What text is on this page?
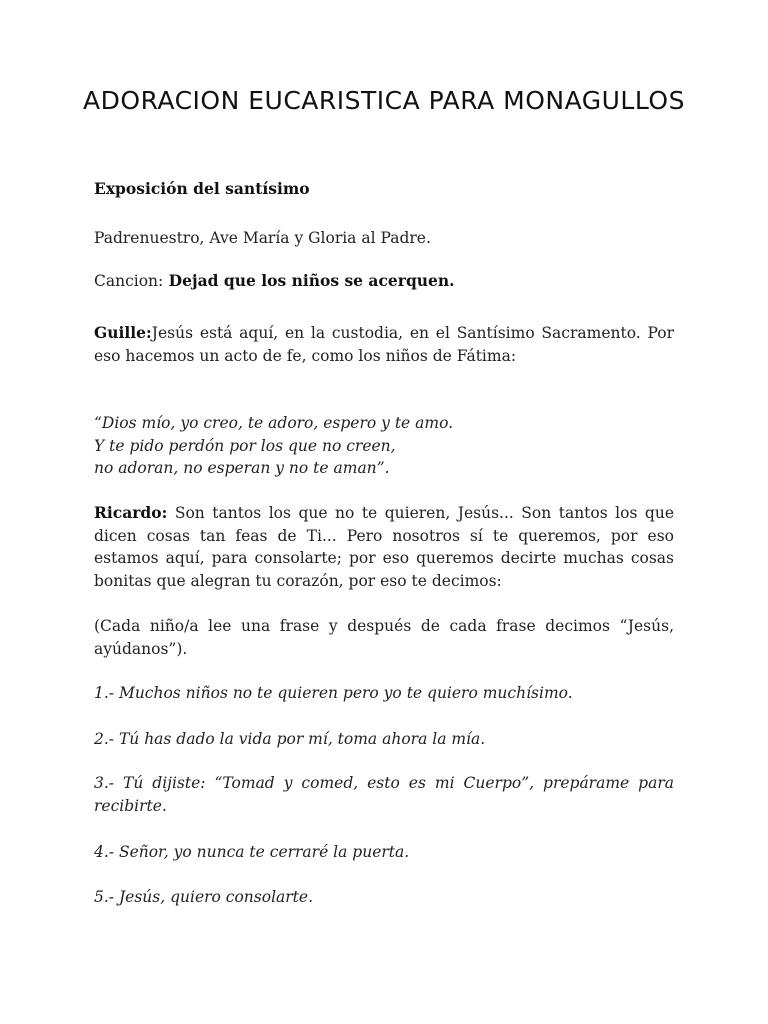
ADORACION EUCARISTICA PARA MONAGULLOS
Exposición del santísimo
Padrenuestro, Ave María y Gloria al Padre.
Cancion: Dejad que los niños se acerquen.
Guille:Jesús está aquí, en la custodia, en el Santísimo Sacramento. Por eso hacemos un acto de fe, como los niños de Fátima:
“Dios mío, yo creo, te adoro, espero y te amo.
Y te pido perdón por los que no creen,
no adoran, no esperan y no te aman”.
Ricardo: Son tantos los que no te quieren, Jesús... Son tantos los que dicen cosas tan feas de Ti... Pero nosotros sí te queremos, por eso estamos aquí, para consolarte; por eso queremos decirte muchas cosas bonitas que alegran tu corazón, por eso te decimos:
(Cada niño/a lee una frase y después de cada frase decimos “Jesús, ayúdanos”).
1.- Muchos niños no te quieren pero yo te quiero muchísimo.
2.- Tú has dado la vida por mí, toma ahora la mía.
3.- Tú dijiste: “Tomad y comed, esto es mi Cuerpo”, prepárame para recibirte.
4.- Señor, yo nunca te cerraré la puerta.
5.- Jesús, quiero consolarte.
